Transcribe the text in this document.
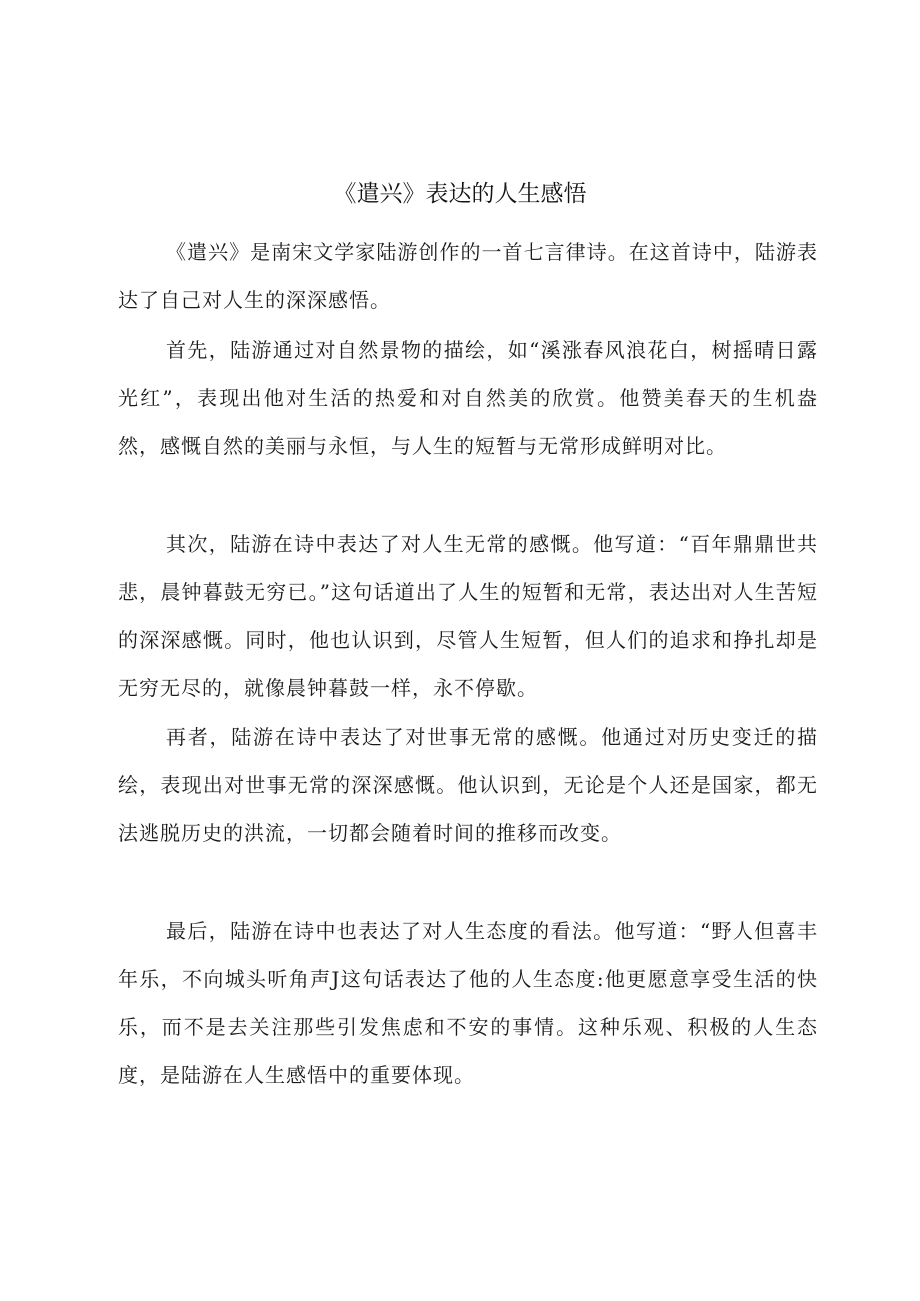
《遣兴》表达的人生感悟

《遣兴》是南宋文学家陆游创作的一首七言律诗。在这首诗中，陆游表达了自己对人生的深深感悟。

首先，陆游通过对自然景物的描绘，如“溪涨春风浪花白，树摇晴日露光红”，表现出他对生活的热爱和对自然美的欣赏。他赞美春天的生机盎然，感慨自然的美丽与永恒，与人生的短暂与无常形成鲜明对比。

其次，陆游在诗中表达了对人生无常的感慨。他写道：“百年鼎鼎世共悲，晨钟暮鼓无穷已。”这句话道出了人生的短暂和无常，表达出对人生苦短的深深感慨。同时，他也认识到，尽管人生短暂，但人们的追求和挣扎却是无穷无尽的，就像晨钟暮鼓一样，永不停歇。

再者，陆游在诗中表达了对世事无常的感慨。他通过对历史变迁的描绘，表现出对世事无常的深深感慨。他认识到，无论是个人还是国家，都无法逃脱历史的洪流，一切都会随着时间的推移而改变。

最后，陆游在诗中也表达了对人生态度的看法。他写道：“野人但喜丰年乐，不向城头听角声J这句话表达了他的人生态度:他更愿意享受生活的快乐，而不是去关注那些引发焦虑和不安的事情。这种乐观、积极的人生态度，是陆游在人生感悟中的重要体现。
